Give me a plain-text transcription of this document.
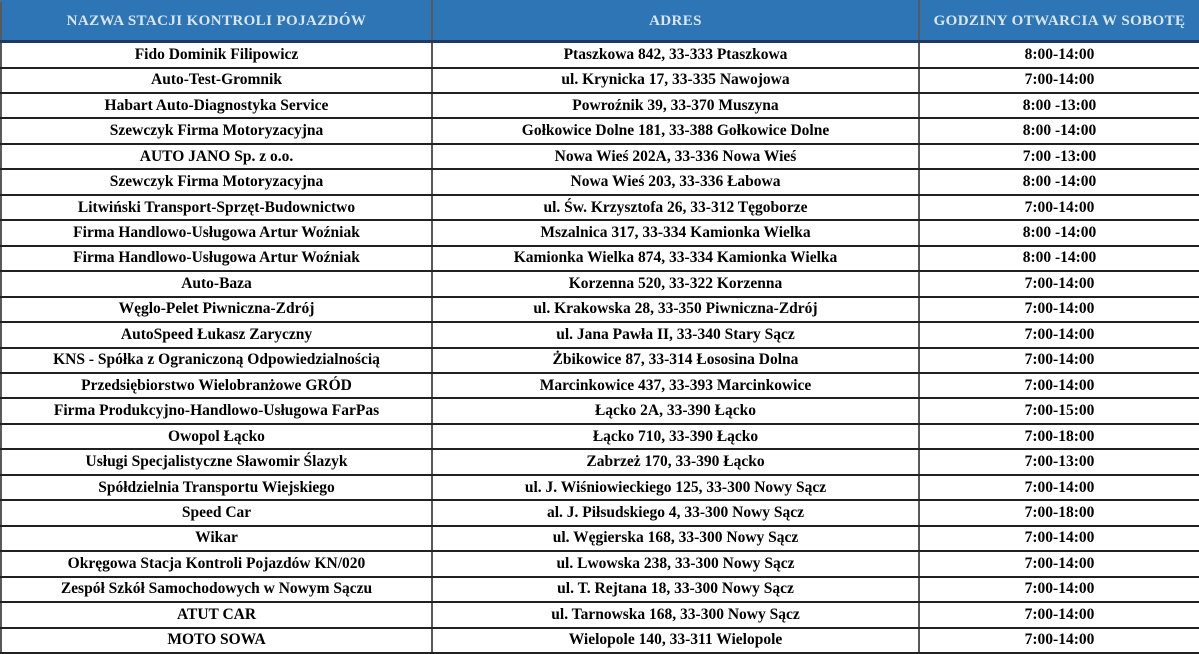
NAZWA STACJI KONTROLI POJAZDÓW	ADRES	GODZINY OTWARCIA W SOBOTĘ
Fido Dominik Filipowicz	Ptaszkowa 842, 33-333 Ptaszkowa	8:00-14:00
Auto-Test-Gromnik	ul. Krynicka 17, 33-335 Nawojowa	7:00-14:00
Habart Auto-Diagnostyka Service	Powroźnik 39, 33-370 Muszyna	8:00 -13:00
Szewczyk Firma Motoryzacyjna	Gołkowice Dolne 181, 33-388 Gołkowice Dolne	8:00 -14:00
AUTO JANO Sp. z o.o.	Nowa Wieś 202A, 33-336 Nowa Wieś	7:00 -13:00
Szewczyk Firma Motoryzacyjna	Nowa Wieś 203, 33-336 Łabowa	8:00 -14:00
Litwiński Transport-Sprzęt-Budownictwo	ul. Św. Krzysztofa 26, 33-312 Tęgoborze	7:00-14:00
Firma Handlowo-Usługowa Artur Woźniak	Mszalnica 317, 33-334 Kamionka Wielka	8:00 -14:00
Firma Handlowo-Usługowa Artur Woźniak	Kamionka Wielka 874, 33-334 Kamionka Wielka	8:00 -14:00
Auto-Baza	Korzenna 520, 33-322 Korzenna	7:00-14:00
Węglo-Pelet Piwniczna-Zdrój	ul. Krakowska 28, 33-350 Piwniczna-Zdrój	7:00-14:00
AutoSpeed Łukasz Zaryczny	ul. Jana Pawła II, 33-340 Stary Sącz	7:00-14:00
KNS - Spółka z Ograniczoną Odpowiedzialnością	Żbikowice 87, 33-314 Łososina Dolna	7:00-14:00
Przedsiębiorstwo Wielobranżowe GRÓD	Marcinkowice 437, 33-393 Marcinkowice	7:00-14:00
Firma Produkcyjno-Handlowo-Usługowa FarPas	Łącko 2A, 33-390 Łącko	7:00-15:00
Owopol Łącko	Łącko 710, 33-390 Łącko	7:00-18:00
Usługi Specjalistyczne Sławomir Ślazyk	Zabrzeż 170, 33-390 Łącko	7:00-13:00
Spółdzielnia Transportu Wiejskiego	ul. J. Wiśniowieckiego 125, 33-300 Nowy Sącz	7:00-14:00
Speed Car	al. J. Piłsudskiego 4, 33-300 Nowy Sącz	7:00-18:00
Wikar	ul. Węgierska 168, 33-300 Nowy Sącz	7:00-14:00
Okręgowa Stacja Kontroli Pojazdów KN/020	ul. Lwowska 238, 33-300 Nowy Sącz	7:00-14:00
Zespół Szkół Samochodowych w Nowym Sączu	ul. T. Rejtana 18, 33-300 Nowy Sącz	7:00-14:00
ATUT CAR	ul. Tarnowska 168, 33-300 Nowy Sącz	7:00-14:00
MOTO SOWA	Wielopole 140, 33-311 Wielopole	7:00-14:00
